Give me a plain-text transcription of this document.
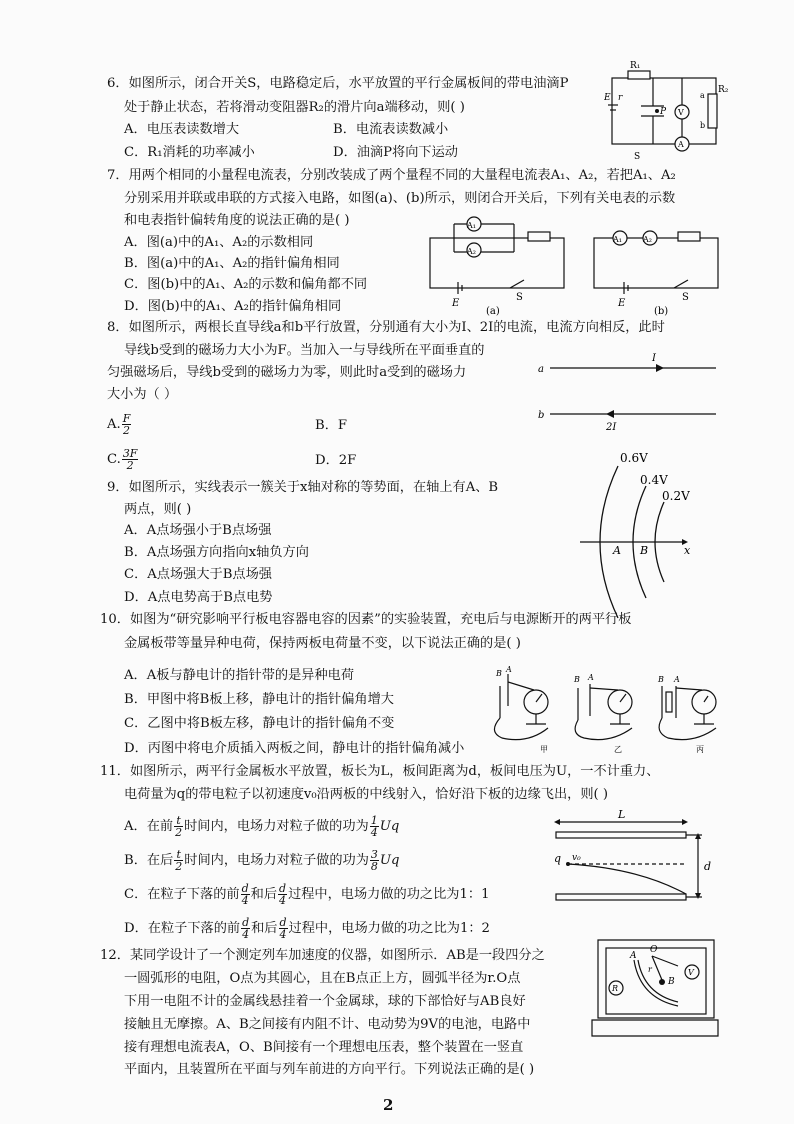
6．如图所示，闭合开关S，电路稳定后，水平放置的平行金属板间的带电油滴P
处于静止状态，若将滑动变阻器R₂的滑片向a端移动，则( )
A．电压表读数增大	B．电流表读数减小
C．R₁消耗的功率减小	D．油滴P将向下运动
R₁
R₂
E r
P
a
b
V
A
S
7．用两个相同的小量程电流表，分别改装成了两个量程不同的大量程电流表A₁、A₂，若把A₁、A₂
分别采用并联或串联的方式接入电路，如图(a)、(b)所示，则闭合开关后，下列有关电表的示数
和电表指针偏转角度的说法正确的是( )
A．图(a)中的A₁、A₂的示数相同
B．图(a)中的A₁、A₂的指针偏角相同
C．图(b)中的A₁、A₂的示数和偏角都不同
D．图(b)中的A₁、A₂的指针偏角相同
A₁
A₂
A₁	A₂
E
S
(a)
E
S
(b)
8．如图所示，两根长直导线a和b平行放置，分别通有大小为I、2I的电流，电流方向相反，此时
导线b受到的磁场力大小为F。当加入一与导线所在平面垂直的
匀强磁场后，导线b受到的磁场力为零，则此时a受到的磁场力
大小为（ ）
A. $\frac{F}{2}$	B．F
C. $\frac{3F}{2}$	D．2F
a
b
I
2I
9．如图所示，实线表示一簇关于x轴对称的等势面，在轴上有A、B
两点，则( )
A．A点场强小于B点场强
B．A点场强方向指向x轴负方向
C．A点场强大于B点场强
D．A点电势高于B点电势
0.6V
0.4V
0.2V
A B	x
10．如图为“研究影响平行板电容器电容的因素”的实验装置，充电后与电源断开的两平行板
金属板带等量异种电荷，保持两板电荷量不变，以下说法正确的是( )
A．A板与静电计的指针带的是异种电荷
B．甲图中将B板上移，静电计的指针偏角增大
C．乙图中将B板左移，静电计的指针偏角不变
D．丙图中将电介质插入两板之间，静电计的指针偏角减小
B A
B A	B A
甲	乙	丙
11．如图所示，两平行金属板水平放置，板长为L，板间距离为d，板间电压为U，一不计重力、
电荷量为q的带电粒子以初速度v₀沿两板的中线射入，恰好沿下板的边缘飞出，则( )
A．在前 $\frac{t}{2}$ 时间内，电场力对粒子做的功为 $\frac{1}{4}$ Uq
B．在后 $\frac{t}{2}$ 时间内，电场力对粒子做的功为 $\frac{3}{8}$ Uq
C．在粒子下落的前 $\frac{d}{4}$ 和后 $\frac{d}{4}$ 过程中，电场力做的功之比为1：1
D．在粒子下落的前 $\frac{d}{4}$ 和后 $\frac{d}{4}$ 过程中，电场力做的功之比为1：2
L
q v₀
d
12．某同学设计了一个测定列车加速度的仪器，如图所示．AB是一段四分之
一圆弧形的电阻，O点为其圆心，且在B点正上方，圆弧半径为r.O点
下用一电阻不计的金属线悬挂着一个金属球，球的下部恰好与AB良好
接触且无摩擦。A、B之间接有内阻不计、电动势为9V的电池，电路中
接有理想电流表A，O、B间接有一个理想电压表，整个装置在一竖直
平面内，且装置所在平面与列车前进的方向平行。下列说法正确的是( )
A
O
B
r
R
V
2
